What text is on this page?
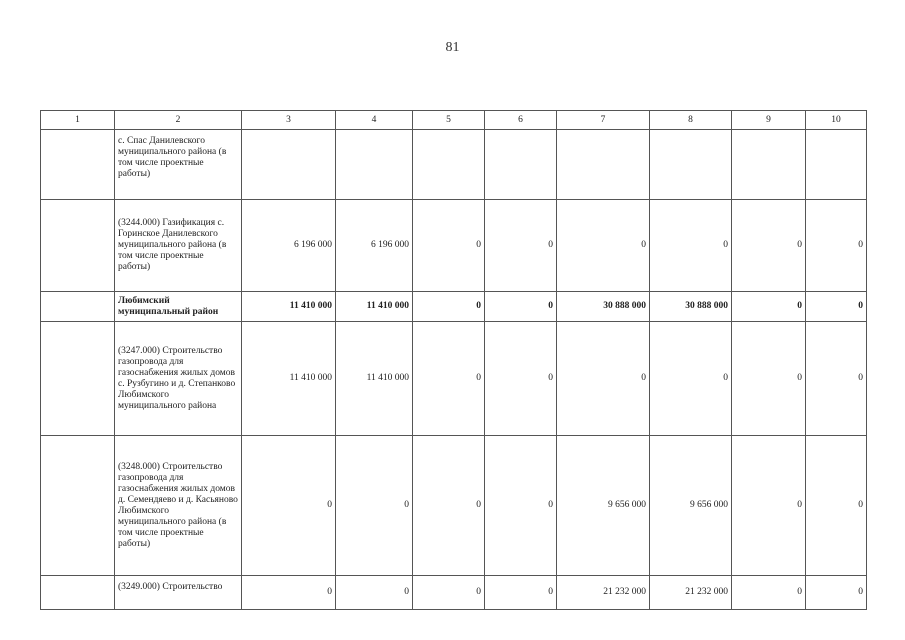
81
1	2	3	4	5	6	7	8	9	10
	с. Спас Данилевского муниципального района (в том числе проектные работы)								
	(3244.000) Газификация с. Горинское Данилевского муниципального района (в том числе проектные работы)	6 196 000	6 196 000	0	0	0	0	0	0
	Любимский муниципальный район	11 410 000	11 410 000	0	0	30 888 000	30 888 000	0	0
	(3247.000) Строительство газопровода для газоснабжения жилых домов с. Рузбугино и д. Степанково Любимского муниципального района	11 410 000	11 410 000	0	0	0	0	0	0
	(3248.000) Строительство газопровода для газоснабжения жилых домов д. Семендяево и д. Касьяново Любимского муниципального района (в том числе проектные работы)	0	0	0	0	9 656 000	9 656 000	0	0
	(3249.000) Строительство	0	0	0	0	21 232 000	21 232 000	0	0
